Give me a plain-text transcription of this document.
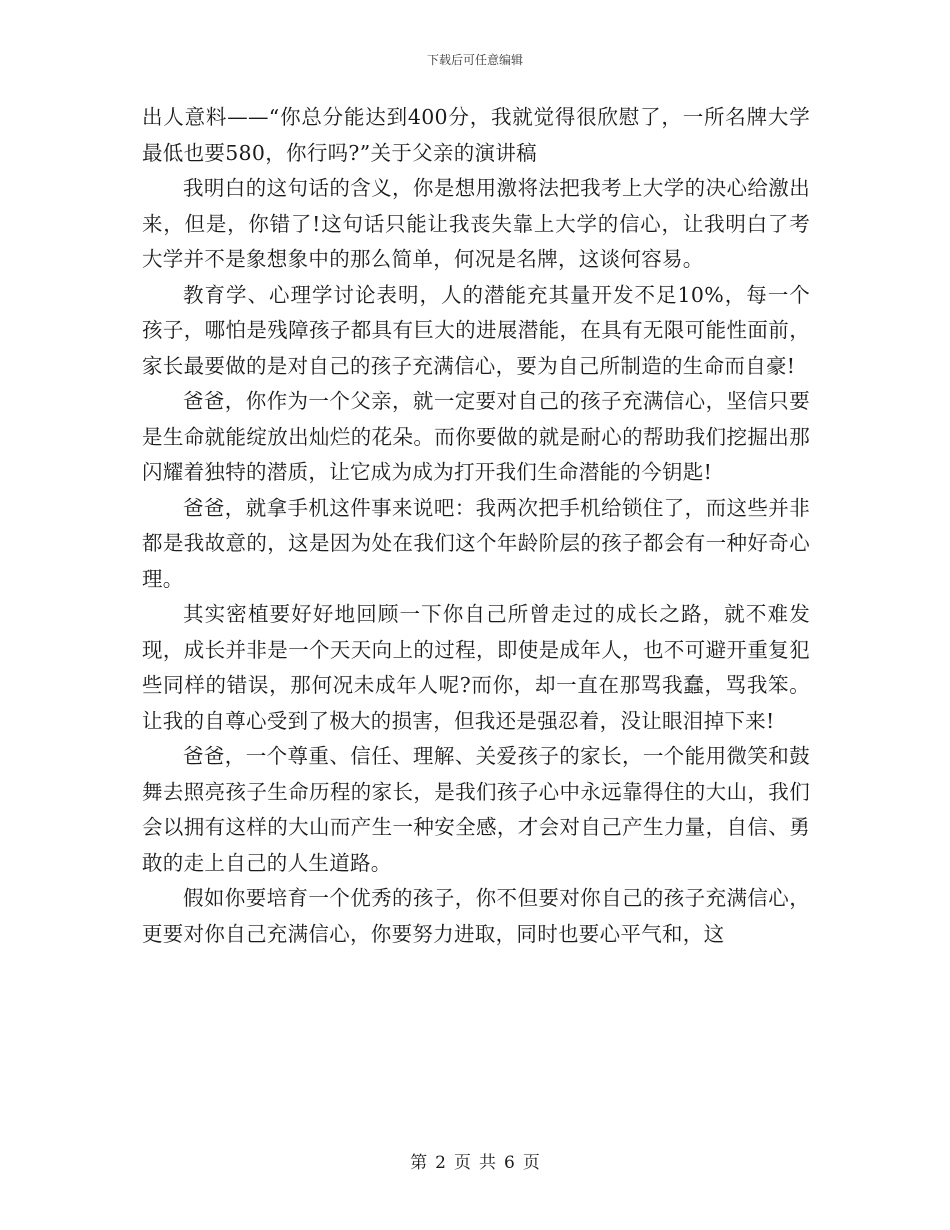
下载后可任意编辑

出人意料——“你总分能达到400分，我就觉得很欣慰了，一所名牌大学最低也要580，你行吗?”关于父亲的演讲稿

我明白的这句话的含义，你是想用激将法把我考上大学的决心给激出来，但是，你错了!这句话只能让我丧失靠上大学的信心，让我明白了考大学并不是象想象中的那么简单，何况是名牌，这谈何容易。

教育学、心理学讨论表明，人的潜能充其量开发不足10%，每一个孩子，哪怕是残障孩子都具有巨大的进展潜能，在具有无限可能性面前，家长最要做的是对自己的孩子充满信心，要为自己所制造的生命而自豪!

爸爸，你作为一个父亲，就一定要对自己的孩子充满信心，坚信只要是生命就能绽放出灿烂的花朵。而你要做的就是耐心的帮助我们挖掘出那闪耀着独特的潜质，让它成为成为打开我们生命潜能的今钥匙!

爸爸，就拿手机这件事来说吧：我两次把手机给锁住了，而这些并非都是我故意的，这是因为处在我们这个年龄阶层的孩子都会有一种好奇心理。

其实密植要好好地回顾一下你自己所曾走过的成长之路，就不难发现，成长并非是一个天天向上的过程，即使是成年人，也不可避开重复犯些同样的错误，那何况未成年人呢?而你，却一直在那骂我蠢，骂我笨。让我的自尊心受到了极大的损害，但我还是强忍着，没让眼泪掉下来!

爸爸，一个尊重、信任、理解、关爱孩子的家长，一个能用微笑和鼓舞去照亮孩子生命历程的家长，是我们孩子心中永远靠得住的大山，我们会以拥有这样的大山而产生一种安全感，才会对自己产生力量，自信、勇敢的走上自己的人生道路。

假如你要培育一个优秀的孩子，你不但要对你自己的孩子充满信心，更要对你自己充满信心，你要努力进取，同时也要心平气和，这

第 2 页 共 6 页
